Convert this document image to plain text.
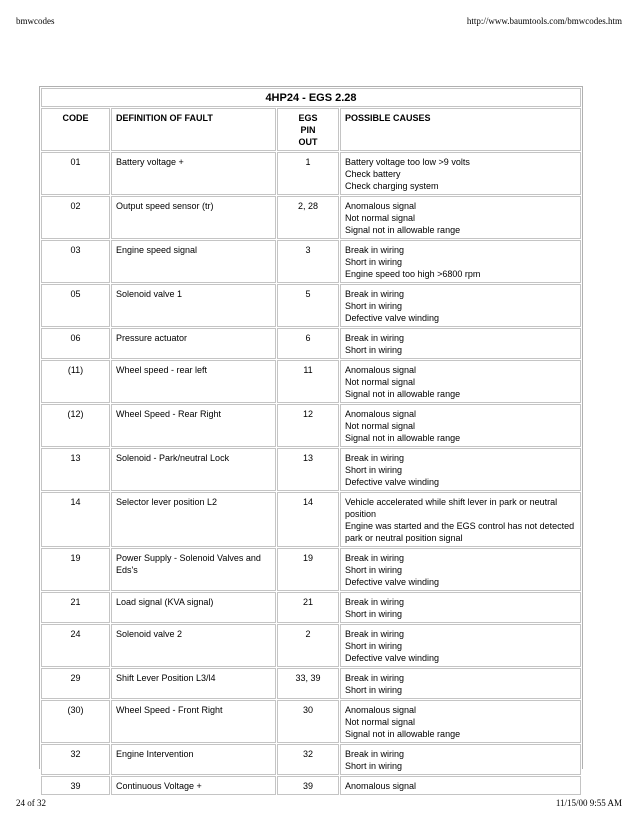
bmwcodes	http://www.baumtools.com/bmwcodes.htm
4HP24 - EGS 2.28			
CODE	DEFINITION OF FAULT	EGS
PIN
OUT	POSSIBLE CAUSES
01	Battery voltage +	1	Battery voltage too low >9 volts
Check battery
Check charging system

02	Output speed sensor (tr)	2, 28	Anomalous signal
Not normal signal
Signal not in allowable range

03	Engine speed signal	3	Break in wiring
Short in wiring
Engine speed too high >6800 rpm

05	Solenoid valve 1	5	Break in wiring
Short in wiring
Defective valve winding

06	Pressure actuator	6	Break in wiring
Short in wiring

(11)	Wheel speed - rear left	11	Anomalous signal
Not normal signal
Signal not in allowable range

(12)	Wheel Speed - Rear Right	12	Anomalous signal
Not normal signal
Signal not in allowable range

13	Solenoid - Park/neutral Lock	13	Break in wiring
Short in wiring
Defective valve winding

14	Selector lever position L2	14	Vehicle accelerated while shift lever in park or neutral position
Engine was started and the EGS control has not detected park or neutral position signal

19	Power Supply - Solenoid Valves and Eds's	19	Break in wiring
Short in wiring
Defective valve winding

21	Load signal (KVA signal)	21	Break in wiring
Short in wiring

24	Solenoid valve 2	2	Break in wiring
Short in wiring
Defective valve winding

29	Shift Lever Position L3/l4	33, 39	Break in wiring
Short in wiring

(30)	Wheel Speed - Front Right	30	Anomalous signal
Not normal signal
Signal not in allowable range

32	Engine Intervention	32	Break in wiring
Short in wiring

39	Continuous Voltage +	39	Anomalous signal
24 of 32	11/15/00 9:55 AM
